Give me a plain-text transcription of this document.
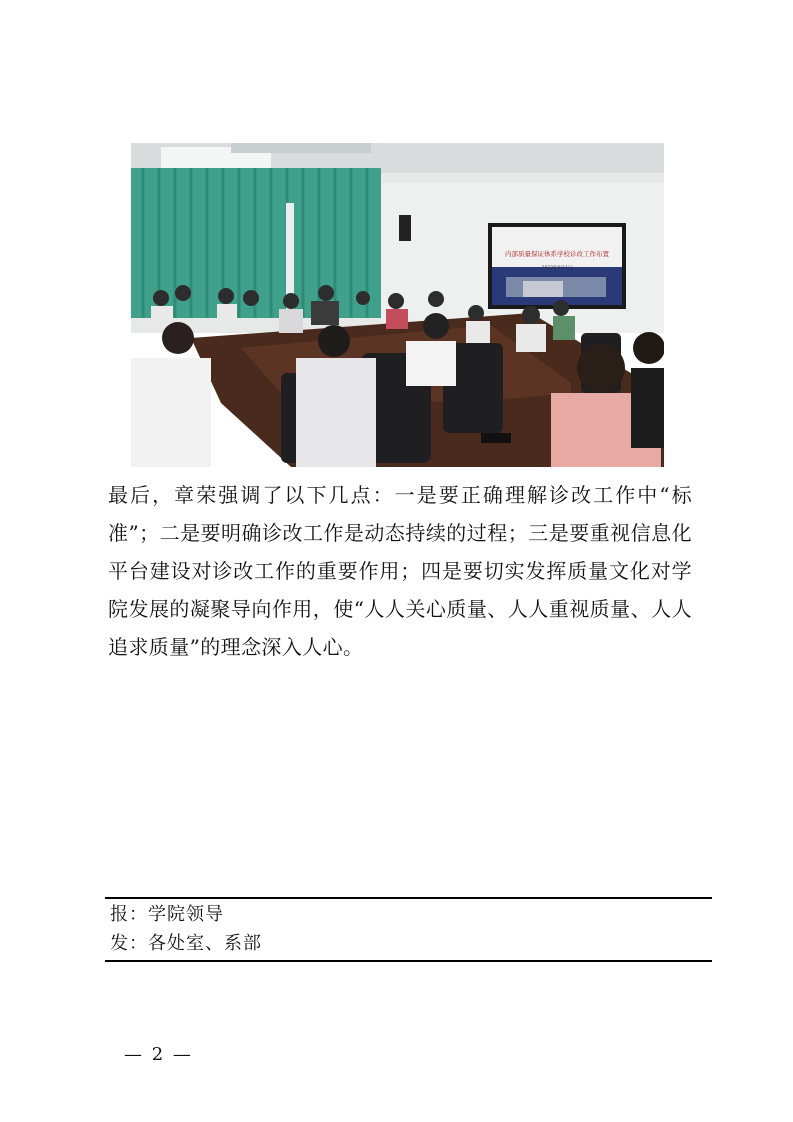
内部质量保证体系学校诊改工作布置
2022年9月1日

最后，章荣强调了以下几点：一是要正确理解诊改工作中“标准”；二是要明确诊改工作是动态持续的过程；三是要重视信息化平台建设对诊改工作的重要作用；四是要切实发挥质量文化对学院发展的凝聚导向作用，使“人人关心质量、人人重视质量、人人追求质量”的理念深入人心。

报：学院领导
发：各处室、系部
— 2 —
